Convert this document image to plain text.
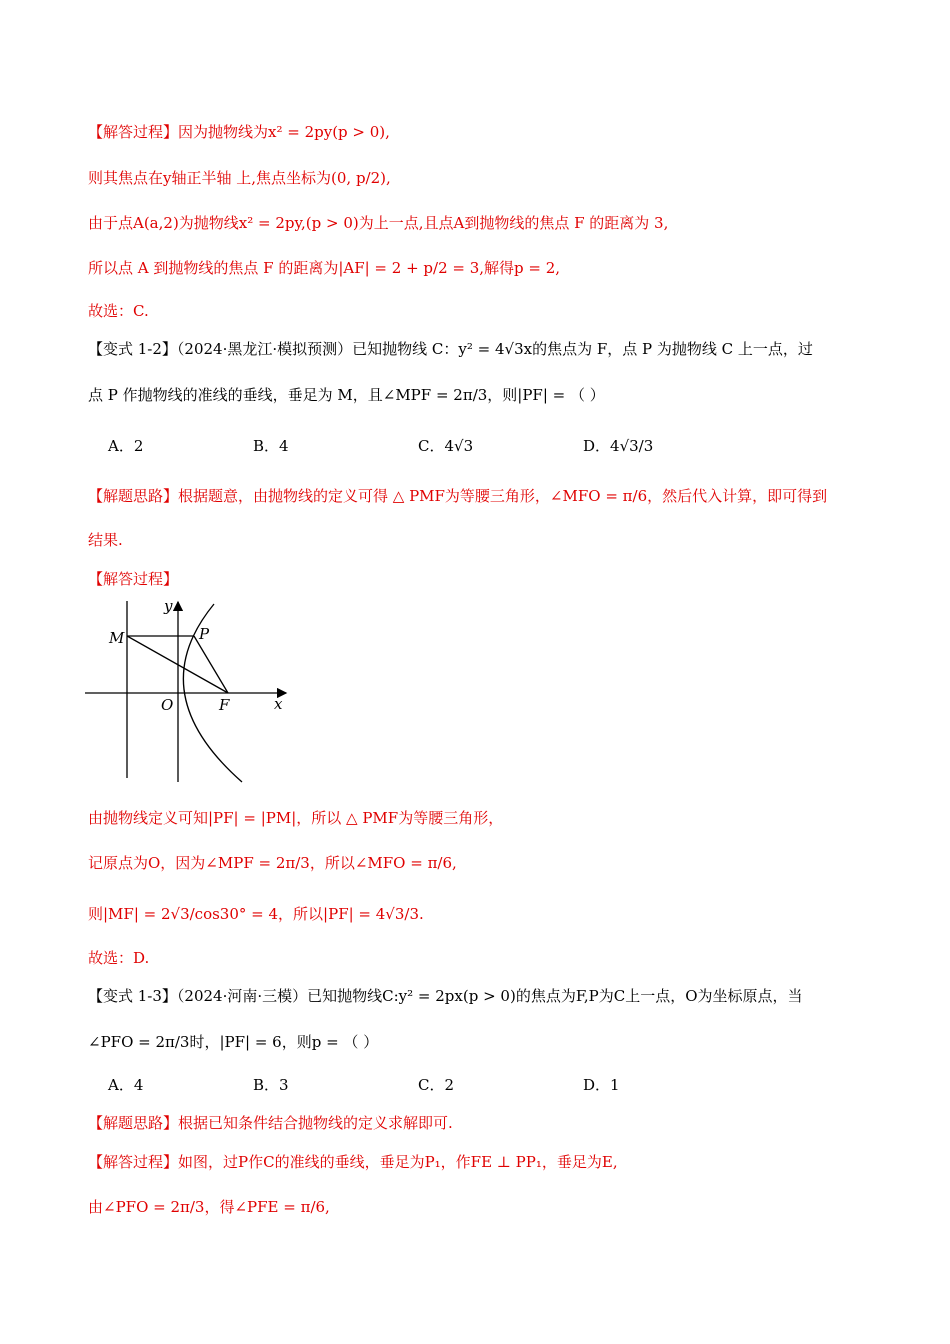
【解答过程】因为抛物线为x² = 2py(p > 0),
则其焦点在y轴正半轴 上,焦点坐标为(0, p/2),
由于点A(a,2)为抛物线x² = 2py,(p > 0)为上一点,且点A到抛物线的焦点 F 的距离为 3,
所以点 A 到抛物线的焦点 F 的距离为|AF| = 2 + p/2 = 3,解得p = 2,
故选：C.
【变式 1-2】（2024·黑龙江·模拟预测）已知抛物线 C：y² = 4√3x的焦点为 F，点 P 为抛物线 C 上一点，过
点 P 作抛物线的准线的垂线，垂足为 M，且∠MPF = 2π/3，则|PF| = （ ）
A．2	B．4	C．4√3	D．4√3/3
【解题思路】根据题意，由抛物线的定义可得 △ PMF为等腰三角形，∠MFO = π/6，然后代入计算，即可得到
结果.
【解答过程】
y
M	P
O	F	x
由抛物线定义可知|PF| = |PM|，所以 △ PMF为等腰三角形，
记原点为O，因为∠MPF = 2π/3，所以∠MFO = π/6,
则|MF| = 2√3/cos30° = 4，所以|PF| = 4√3/3.
故选：D.
【变式 1-3】（2024·河南·三模）已知抛物线C:y² = 2px(p > 0)的焦点为F,P为C上一点，O为坐标原点，当
∠PFO = 2π/3时，|PF| = 6，则p = （ ）
A．4	B．3	C．2	D．1
【解题思路】根据已知条件结合抛物线的定义求解即可.
【解答过程】如图，过P作C的准线的垂线，垂足为P₁，作FE ⊥ PP₁，垂足为E,
由∠PFO = 2π/3，得∠PFE = π/6,
